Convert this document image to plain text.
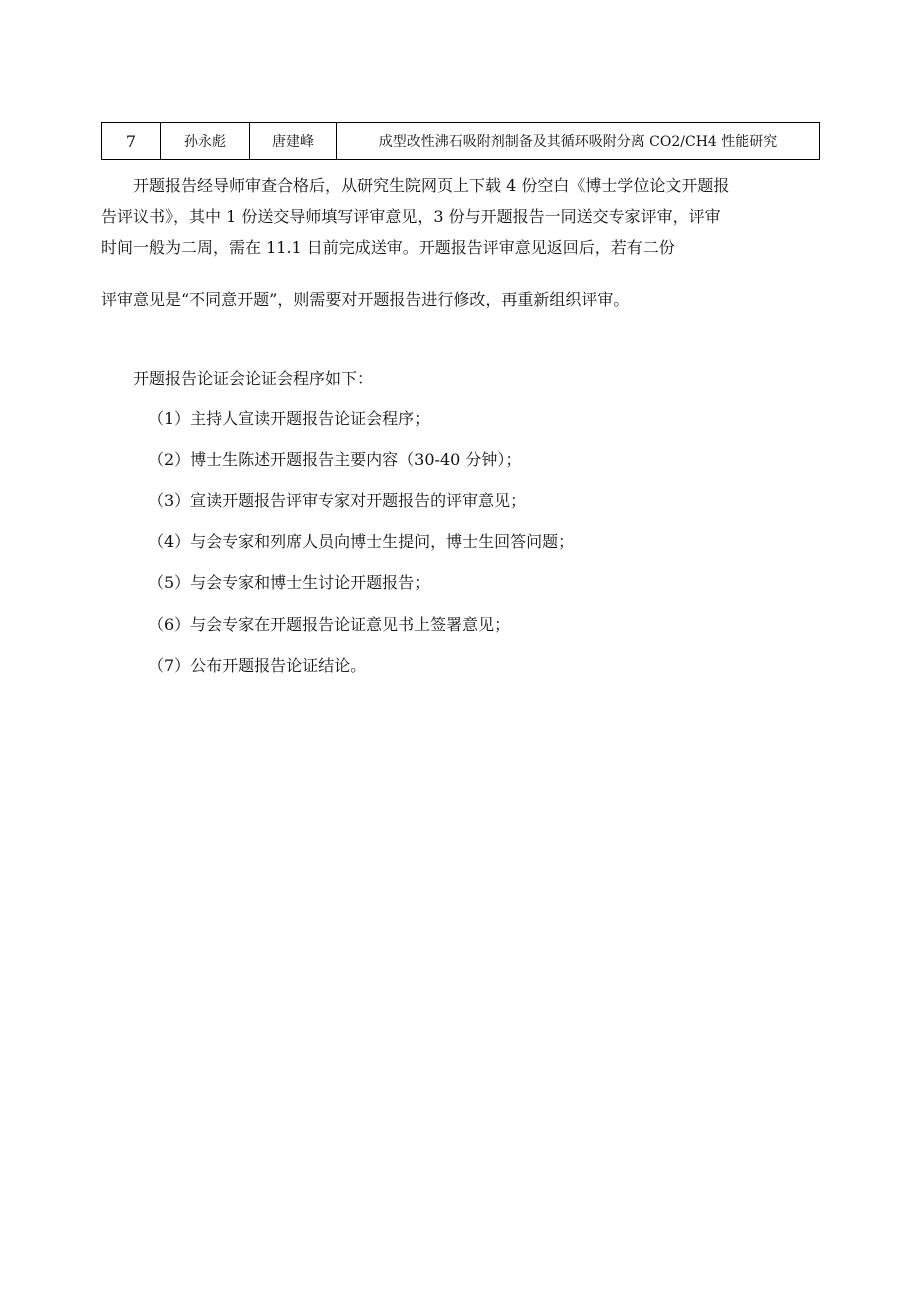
7	孙永彪	唐建峰	成型改性沸石吸附剂制备及其循环吸附分离 CO2/CH4 性能研究

开题报告经导师审查合格后，从研究生院网页上下载 4 份空白《博士学位论文开题报

告评议书》，其中 1 份送交导师填写评审意见，3 份与开题报告一同送交专家评审，评审

时间一般为二周，需在 11.1 日前完成送审。开题报告评审意见返回后，若有二份

评审意见是“不同意开题”，则需要对开题报告进行修改，再重新组织评审。

开题报告论证会论证会程序如下：

（1）主持人宣读开题报告论证会程序；

（2）博士生陈述开题报告主要内容（30-40 分钟）；

（3）宣读开题报告评审专家对开题报告的评审意见；

（4）与会专家和列席人员向博士生提问，博士生回答问题；

（5）与会专家和博士生讨论开题报告；

（6）与会专家在开题报告论证意见书上签署意见；

（7）公布开题报告论证结论。
